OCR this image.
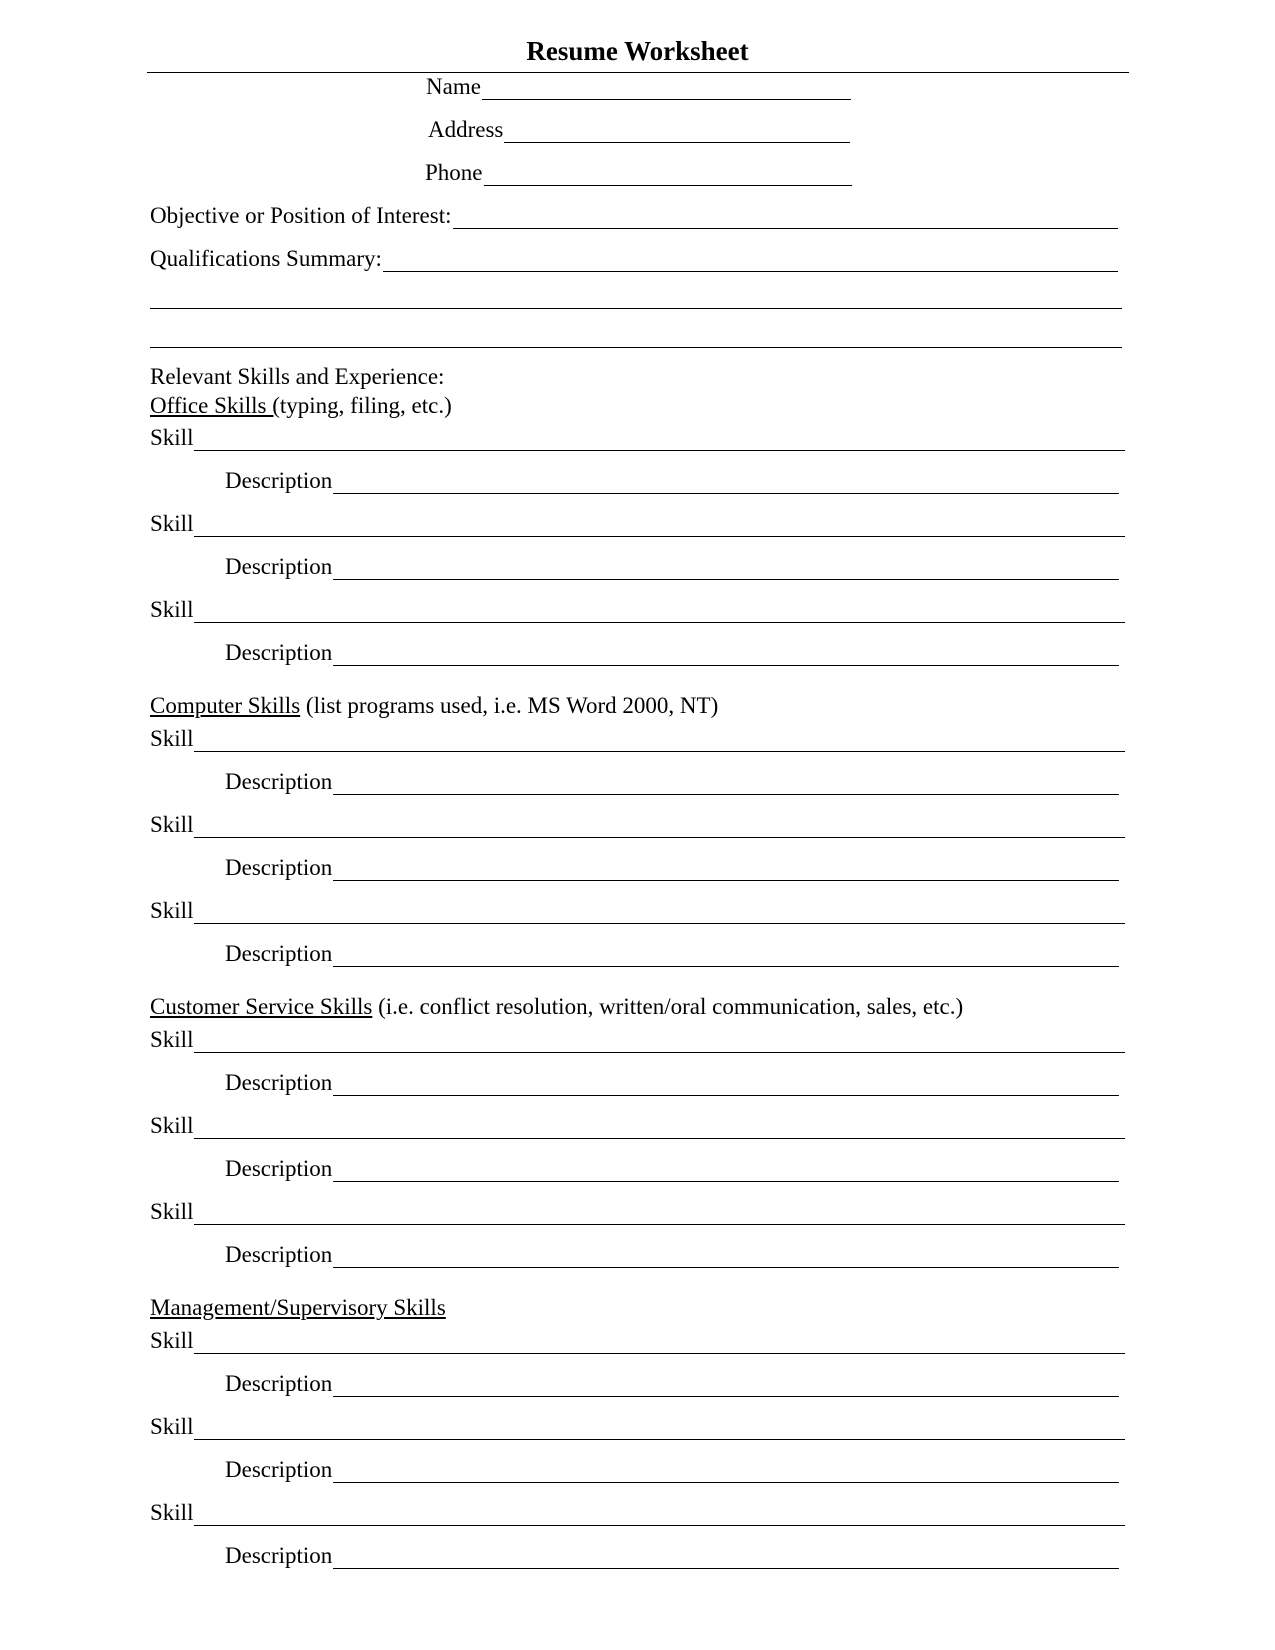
Resume Worksheet
Name
Address
Phone
Objective or Position of Interest:
Qualifications Summary:
Relevant Skills and Experience:
Office Skills (typing, filing, etc.)
Skill
Description
Skill
Description
Skill
Description
Computer Skills (list programs used, i.e. MS Word 2000, NT)
Skill
Description
Skill
Description
Skill
Description
Customer Service Skills (i.e. conflict resolution, written/oral communication, sales, etc.)
Skill
Description
Skill
Description
Skill
Description
Management/Supervisory Skills
Skill
Description
Skill
Description
Skill
Description
